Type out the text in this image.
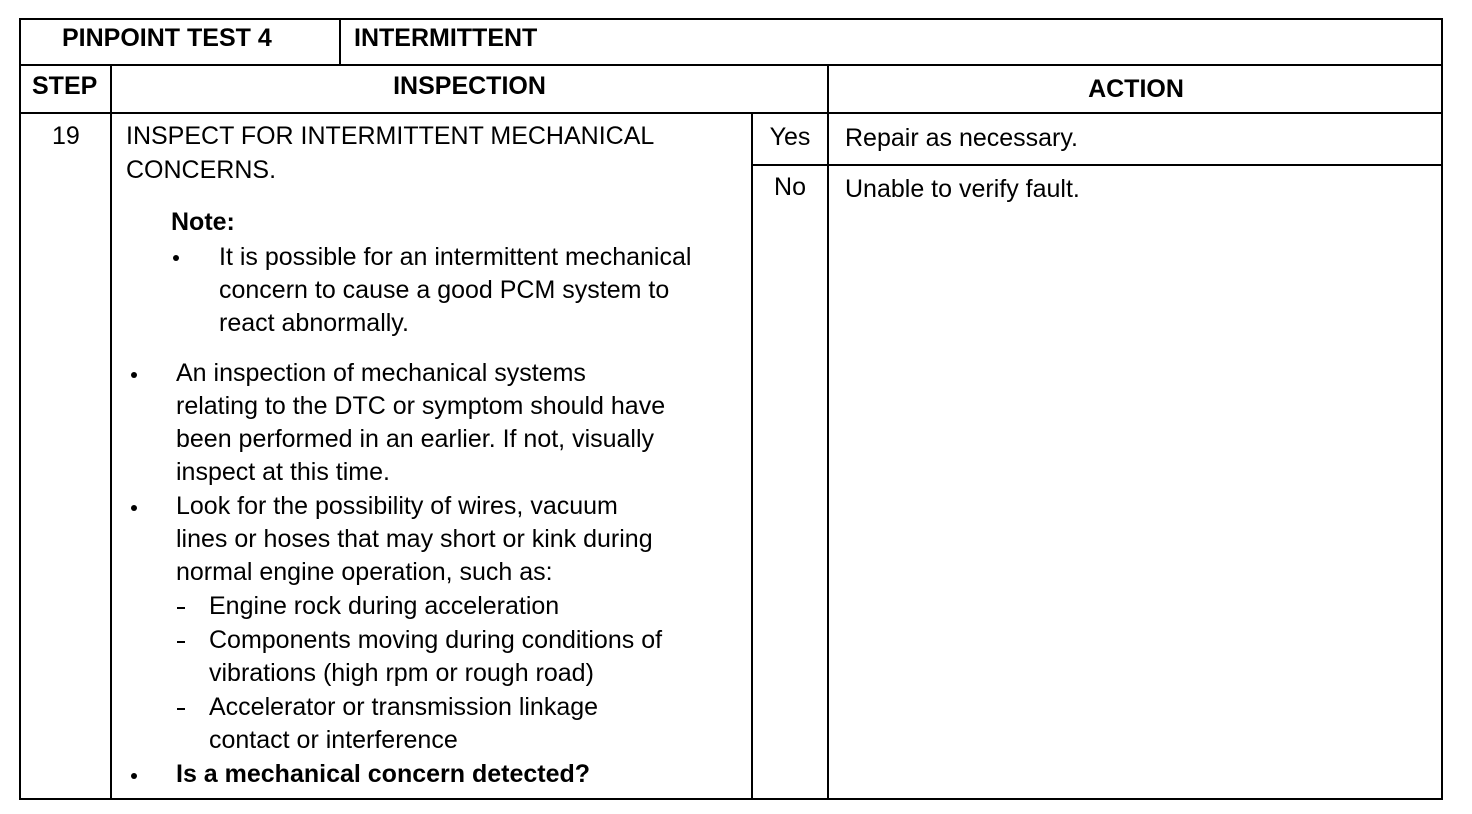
PINPOINT TEST 4	INTERMITTENT
STEP	INSPECTION	ACTION
19 INSPECT FOR INTERMITTENT MECHANICAL
CONCERNS.
Note:
It is possible for an intermittent mechanical
concern to cause a good PCM system to
react abnormally.
An inspection of mechanical systems
relating to the DTC or symptom should have
been performed in an earlier. If not, visually
inspect at this time.
Look for the possibility of wires, vacuum
lines or hoses that may short or kink during
normal engine operation, such as:
Engine rock during acceleration
Components moving during conditions of
vibrations (high rpm or rough road)
Accelerator or transmission linkage
contact or interference
Is a mechanical concern detected?
Yes	Repair as necessary.
No	Unable to verify fault.
